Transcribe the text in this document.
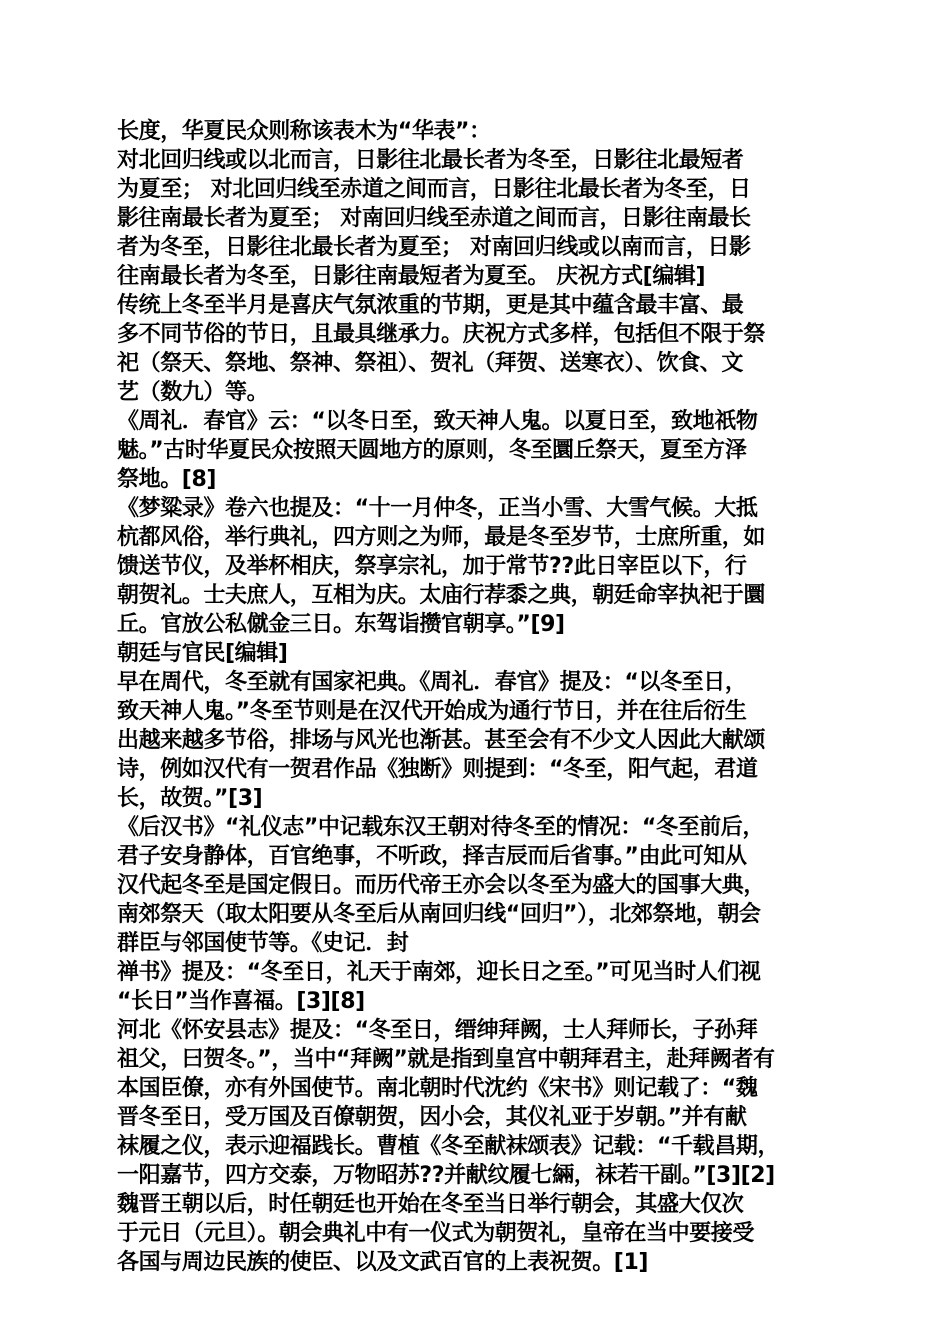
长度，华夏民众则称该表木为“华表”：
对北回归线或以北而言，日影往北最长者为冬至，日影往北最短者
为夏至； 对北回归线至赤道之间而言，日影往北最长者为冬至，日
影往南最长者为夏至； 对南回归线至赤道之间而言，日影往南最长
者为冬至，日影往北最长者为夏至； 对南回归线或以南而言，日影
往南最长者为冬至，日影往南最短者为夏至。 庆祝方式[编辑]
传统上冬至半月是喜庆气氛浓重的节期，更是其中蕴含最丰富、最
多不同节俗的节日，且最具继承力。庆祝方式多样，包括但不限于祭
祀（祭天、祭地、祭神、祭祖）、贺礼（拜贺、送寒衣）、饮食、文
艺（数九）等。
《周礼．春官》云：“以冬日至，致天神人鬼。以夏日至，致地祇物
魅。”古时华夏民众按照天圆地方的原则，冬至圜丘祭天，夏至方泽
祭地。[8]
《梦粱录》卷六也提及：“十一月仲冬，正当小雪、大雪气候。大抵
杭都风俗，举行典礼，四方则之为师，最是冬至岁节，士庶所重，如
馈送节仪，及举杯相庆，祭享宗礼，加于常节??此日宰臣以下，行
朝贺礼。士夫庶人，互相为庆。太庙行荐黍之典，朝廷命宰执祀于圜
丘。官放公私僦金三日。东驾诣攒官朝享。”[9]
朝廷与官民[编辑]
早在周代，冬至就有国家祀典。《周礼．春官》提及：“以冬至日，
致天神人鬼。”冬至节则是在汉代开始成为通行节日，并在往后衍生
出越来越多节俗，排场与风光也渐甚。甚至会有不少文人因此大献颂
诗，例如汉代有一贺君作品《独断》则提到：“冬至，阳气起，君道
长，故贺。”[3]
《后汉书》“礼仪志”中记载东汉王朝对待冬至的情况：“冬至前后，
君子安身静体，百官绝事，不听政，择吉辰而后省事。”由此可知从
汉代起冬至是国定假日。而历代帝王亦会以冬至为盛大的国事大典，
南郊祭天（取太阳要从冬至后从南回归线“回归”），北郊祭地，朝会
群臣与邻国使节等。《史记．封
禅书》提及：“冬至日，礼天于南郊，迎长日之至。”可见当时人们视
“长日”当作喜福。[3][8]
河北《怀安县志》提及：“冬至日，缙绅拜阙，士人拜师长，子孙拜
祖父，曰贺冬。”，当中“拜阙”就是指到皇宫中朝拜君主，赴拜阙者有
本国臣僚，亦有外国使节。南北朝时代沈约《宋书》则记载了：“魏
晋冬至日，受万国及百僚朝贺，因小会，其仪礼亚于岁朝。”并有献
袜履之仪，表示迎福践长。曹植《冬至献袜颂表》记载：“千载昌期，
一阳嘉节，四方交泰，万物昭苏??并献纹履七緉，袜若干副。”[3][2]
魏晋王朝以后，时任朝廷也开始在冬至当日举行朝会，其盛大仅次
于元日（元旦）。朝会典礼中有一仪式为朝贺礼，皇帝在当中要接受
各国与周边民族的使臣、以及文武百官的上表祝贺。[1]
